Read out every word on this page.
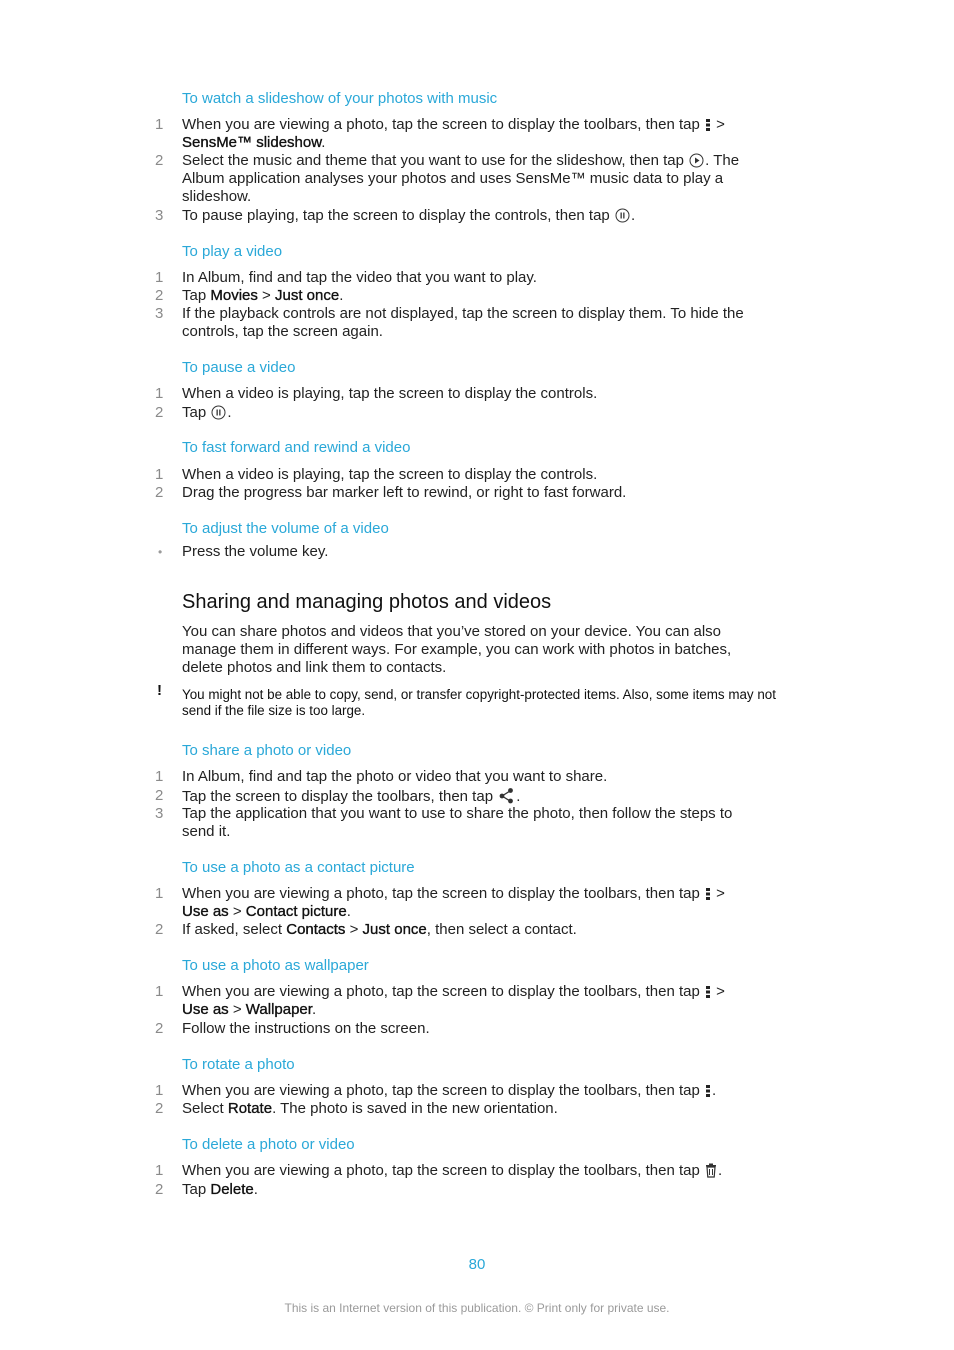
To watch a slideshow of your photos with music
1 When you are viewing a photo, tap the screen to display the toolbars, then tap >
SensMe™ slideshow.
2 Select the music and theme that you want to use for the slideshow, then tap . The Album application analyses your photos and uses SensMe™ music data to play a slideshow.
3 To pause playing, tap the screen to display the controls, then tap .
To play a video
1 In Album, find and tap the video that you want to play.
2 Tap Movies > Just once.
3 If the playback controls are not displayed, tap the screen to display them. To hide the controls, tap the screen again.
To pause a video
1 When a video is playing, tap the screen to display the controls.
2 Tap .
To fast forward and rewind a video
1 When a video is playing, tap the screen to display the controls.
2 Drag the progress bar marker left to rewind, or right to fast forward.
To adjust the volume of a video
• Press the volume key.
Sharing and managing photos and videos
You can share photos and videos that you’ve stored on your device. You can also manage them in different ways. For example, you can work with photos in batches, delete photos and link them to contacts.
! You might not be able to copy, send, or transfer copyright-protected items. Also, some items may not send if the file size is too large.
To share a photo or video
1 In Album, find and tap the photo or video that you want to share.
2 Tap the screen to display the toolbars, then tap .
3 Tap the application that you want to use to share the photo, then follow the steps to send it.
To use a photo as a contact picture
1 When you are viewing a photo, tap the screen to display the toolbars, then tap >
Use as > Contact picture.
2 If asked, select Contacts > Just once, then select a contact.
To use a photo as wallpaper
1 When you are viewing a photo, tap the screen to display the toolbars, then tap >
Use as > Wallpaper.
2 Follow the instructions on the screen.
To rotate a photo
1 When you are viewing a photo, tap the screen to display the toolbars, then tap .
2 Select Rotate. The photo is saved in the new orientation.
To delete a photo or video
1 When you are viewing a photo, tap the screen to display the toolbars, then tap .
2 Tap Delete.
80
This is an Internet version of this publication. © Print only for private use.
